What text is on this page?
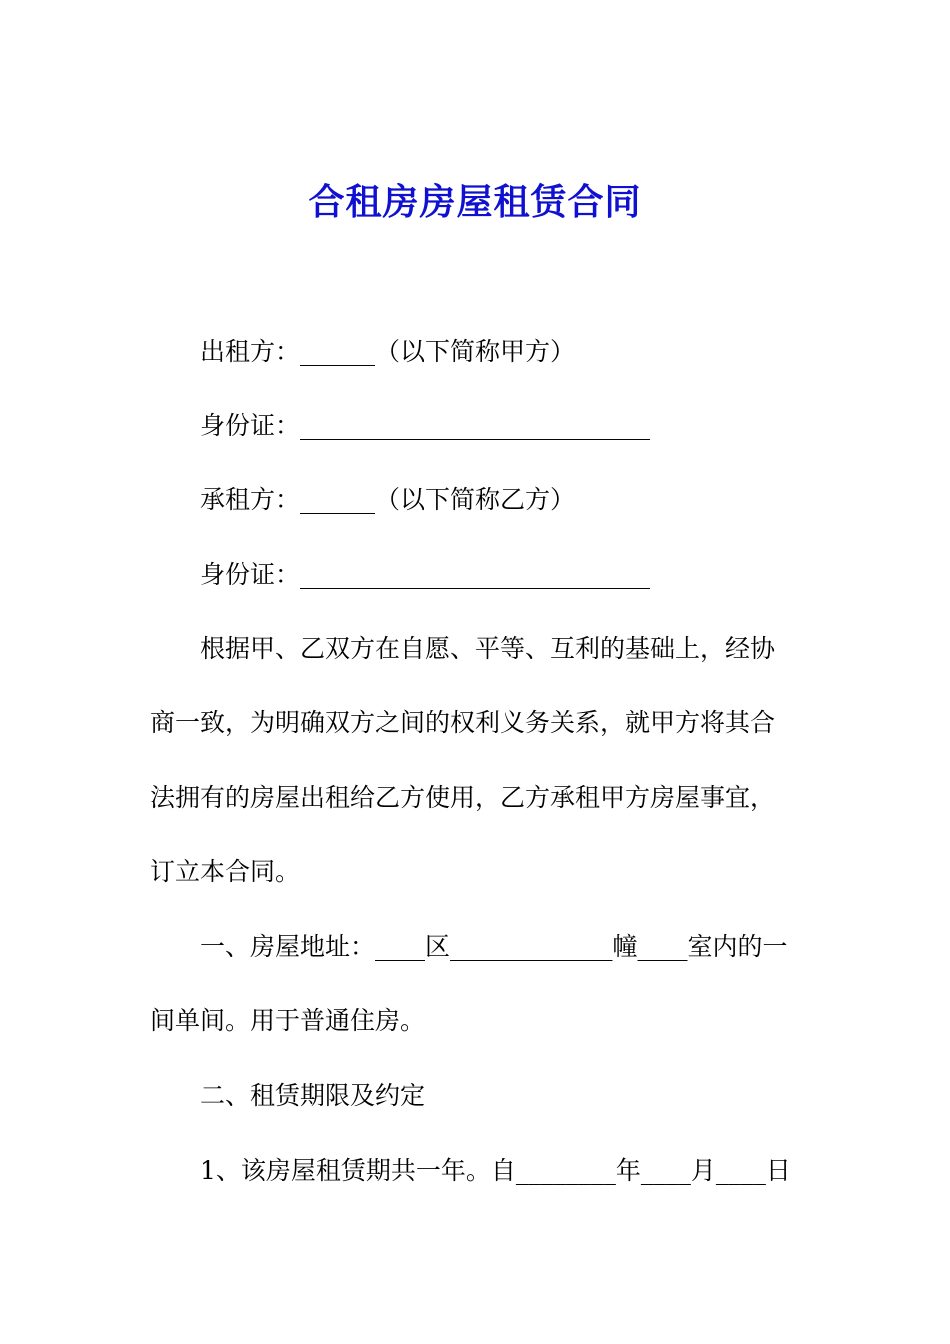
合租房房屋租赁合同
出租方：______（以下简称甲方）
身份证：____________________________
承租方：______（以下简称乙方）
身份证：____________________________
根据甲、乙双方在自愿、平等、互利的基础上，经协
商一致，为明确双方之间的权利义务关系，就甲方将其合
法拥有的房屋出租给乙方使用，乙方承租甲方房屋事宜，
订立本合同。
一、房屋地址：____区_____________幢____室内的一
间单间。用于普通住房。
二、租赁期限及约定
1、该房屋租赁期共一年。自________年____月____日
